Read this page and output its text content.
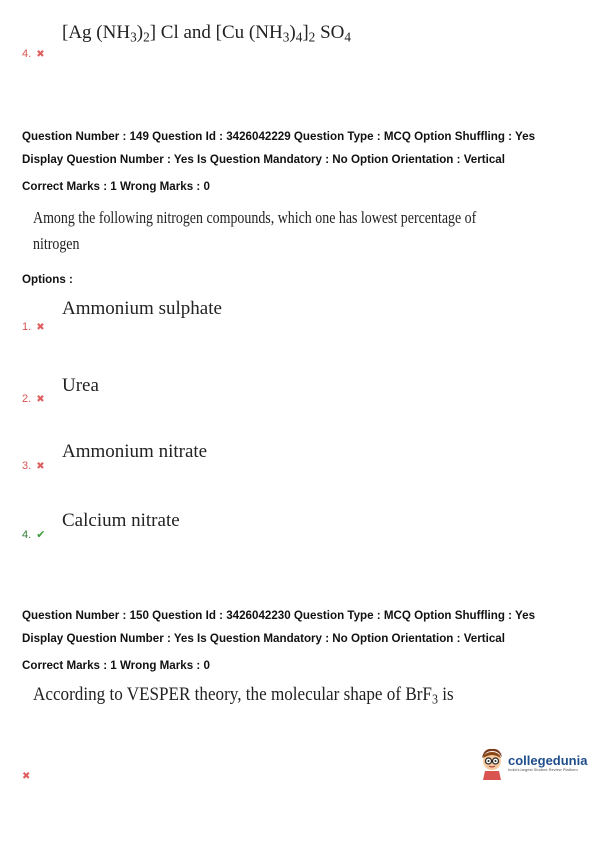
[Ag $(NH_3)_2$] Cl and [Cu $(NH_3)_4]_2$ $SO_4$
4. ✖
Question Number : 149 Question Id : 3426042229 Question Type : MCQ Option Shuffling : Yes
Display Question Number : Yes Is Question Mandatory : No Option Orientation : Vertical
Correct Marks : 1 Wrong Marks : 0
Among the following nitrogen compounds, which one has lowest percentage of
nitrogen
Options :
Ammonium sulphate
1. ✖
Urea
2. ✖
Ammonium nitrate
3. ✖
Calcium nitrate
4. ✔
Question Number : 150 Question Id : 3426042230 Question Type : MCQ Option Shuffling : Yes
Display Question Number : Yes Is Question Mandatory : No Option Orientation : Vertical
Correct Marks : 1 Wrong Marks : 0
According to VESPER theory, the molecular shape of BrF$_3$ is
✖
collegedunia
India's largest Student Review Platform
